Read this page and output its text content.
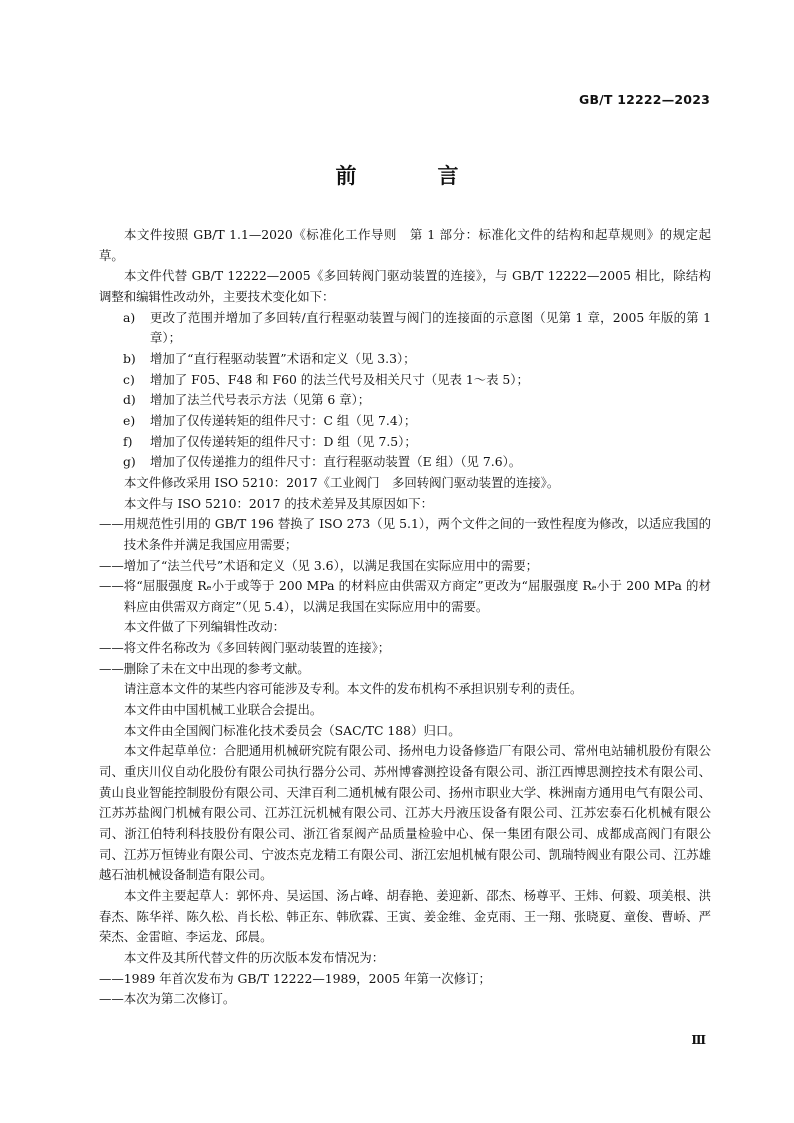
GB/T 12222—2023
前　言

本文件按照 GB/T 1.1—2020《标准化工作导则　第 1 部分：标准化文件的结构和起草规则》的规定起草。

本文件代替 GB/T 12222—2005《多回转阀门驱动装置的连接》，与 GB/T 12222—2005 相比，除结构调整和编辑性改动外，主要技术变化如下：

a)	更改了范围并增加了多回转/直行程驱动装置与阀门的连接面的示意图（见第 1 章，2005 年版的第 1 章）；
b)	增加了“直行程驱动装置”术语和定义（见 3.3）；
c)	增加了 F05、F48 和 F60 的法兰代号及相关尺寸（见表 1～表 5）；
d)	增加了法兰代号表示方法（见第 6 章）；
e)	增加了仅传递转矩的组件尺寸：C 组（见 7.4）；
f)	增加了仅传递转矩的组件尺寸：D 组（见 7.5）；
g)	增加了仅传递推力的组件尺寸：直行程驱动装置（E 组）（见 7.6）。

本文件修改采用 ISO 5210：2017《工业阀门　多回转阀门驱动装置的连接》。

本文件与 ISO 5210：2017 的技术差异及其原因如下：

—— 用规范性引用的 GB/T 196 替换了 ISO 273（见 5.1），两个文件之间的一致性程度为修改，以适应我国的技术条件并满足我国应用需要；
—— 增加了“法兰代号”术语和定义（见 3.6），以满足我国在实际应用中的需要；
—— 将“屈服强度 Rₑ小于或等于 200 MPa 的材料应由供需双方商定”更改为“屈服强度 Rₑ小于 200 MPa 的材料应由供需双方商定”（见 5.4），以满足我国在实际应用中的需要。

本文件做了下列编辑性改动：

—— 将文件名称改为《多回转阀门驱动装置的连接》；
—— 删除了未在文中出现的参考文献。

请注意本文件的某些内容可能涉及专利。本文件的发布机构不承担识别专利的责任。

本文件由中国机械工业联合会提出。

本文件由全国阀门标准化技术委员会（SAC/TC 188）归口。

本文件起草单位：合肥通用机械研究院有限公司、扬州电力设备修造厂有限公司、常州电站辅机股份有限公司、重庆川仪自动化股份有限公司执行器分公司、苏州博睿测控设备有限公司、浙江西博思测控技术有限公司、黄山良业智能控制股份有限公司、天津百利二通机械有限公司、扬州市职业大学、株洲南方通用电气有限公司、江苏苏盐阀门机械有限公司、江苏江沅机械有限公司、江苏大丹液压设备有限公司、江苏宏泰石化机械有限公司、浙江伯特利科技股份有限公司、浙江省泵阀产品质量检验中心、保一集团有限公司、成都成高阀门有限公司、江苏万恒铸业有限公司、宁波杰克龙精工有限公司、浙江宏旭机械有限公司、凯瑞特阀业有限公司、江苏雄越石油机械设备制造有限公司。

本文件主要起草人：郭怀舟、吴运国、汤占峰、胡春艳、姜迎新、邵杰、杨尊平、王炜、何毅、项美根、洪春杰、陈华祥、陈久松、肖长松、韩正东、韩欣霖、王寅、姜金维、金克雨、王一翔、张晓夏、童俊、曹峤、严荣杰、金雷暄、李运龙、邱晨。

本文件及其所代替文件的历次版本发布情况为：

—— 1989 年首次发布为 GB/T 12222—1989，2005 年第一次修订；
—— 本次为第二次修订。
Ⅲ
